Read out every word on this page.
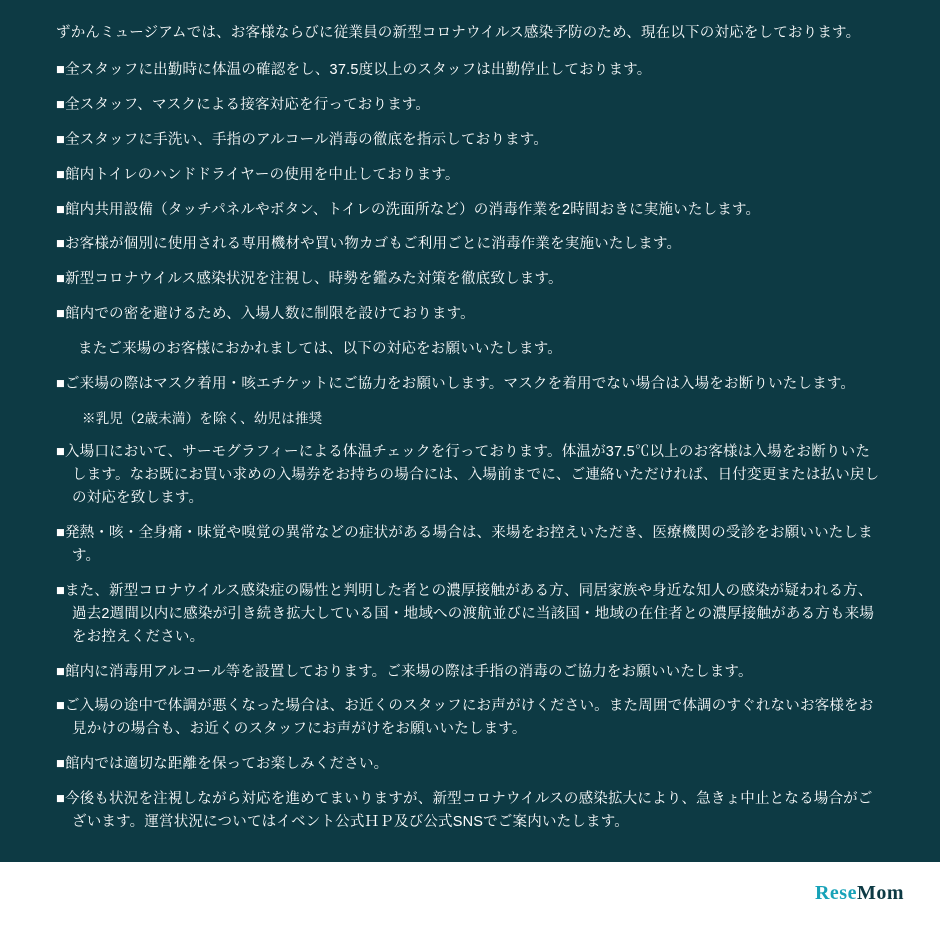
ずかんミュージアムでは、お客様ならびに従業員の新型コロナウイルス感染予防のため、現在以下の対応をしております。

■全スタッフに出勤時に体温の確認をし、37.5度以上のスタッフは出勤停止しております。

■全スタッフ、マスクによる接客対応を行っております。

■全スタッフに手洗い、手指のアルコール消毒の徹底を指示しております。

■館内トイレのハンドドライヤーの使用を中止しております。

■館内共用設備（タッチパネルやボタン、トイレの洗面所など）の消毒作業を2時間おきに実施いたします。

■お客様が個別に使用される専用機材や買い物カゴもご利用ごとに消毒作業を実施いたします。

■新型コロナウイルス感染状況を注視し、時勢を鑑みた対策を徹底致します。

■館内での密を避けるため、入場人数に制限を設けております。

またご来場のお客様におかれましては、以下の対応をお願いいたします。

■ご来場の際はマスク着用・咳エチケットにご協力をお願いします。マスクを着用でない場合は入場をお断りいたします。

※乳児（2歳未満）を除く、幼児は推奨

■入場口において、サーモグラフィーによる体温チェックを行っております。体温が37.5℃以上のお客様は入場をお断りいたします。なお既にお買い求めの入場券をお持ちの場合には、入場前までに、ご連絡いただければ、日付変更または払い戻しの対応を致します。

■発熱・咳・全身痛・味覚や嗅覚の異常などの症状がある場合は、来場をお控えいただき、医療機関の受診をお願いいたします。

■また、新型コロナウイルス感染症の陽性と判明した者との濃厚接触がある方、同居家族や身近な知人の感染が疑われる方、過去2週間以内に感染が引き続き拡大している国・地域への渡航並びに当該国・地域の在住者との濃厚接触がある方も来場をお控えください。

■館内に消毒用アルコール等を設置しております。ご来場の際は手指の消毒のご協力をお願いいたします。

■ご入場の途中で体調が悪くなった場合は、お近くのスタッフにお声がけください。また周囲で体調のすぐれないお客様をお見かけの場合も、お近くのスタッフにお声がけをお願いいたします。

■館内では適切な距離を保ってお楽しみください。

■今後も状況を注視しながら対応を進めてまいりますが、新型コロナウイルスの感染拡大により、急きょ中止となる場合がございます。運営状況についてはイベント公式ＨＰ及び公式SNSでご案内いたします。

ReseMom
